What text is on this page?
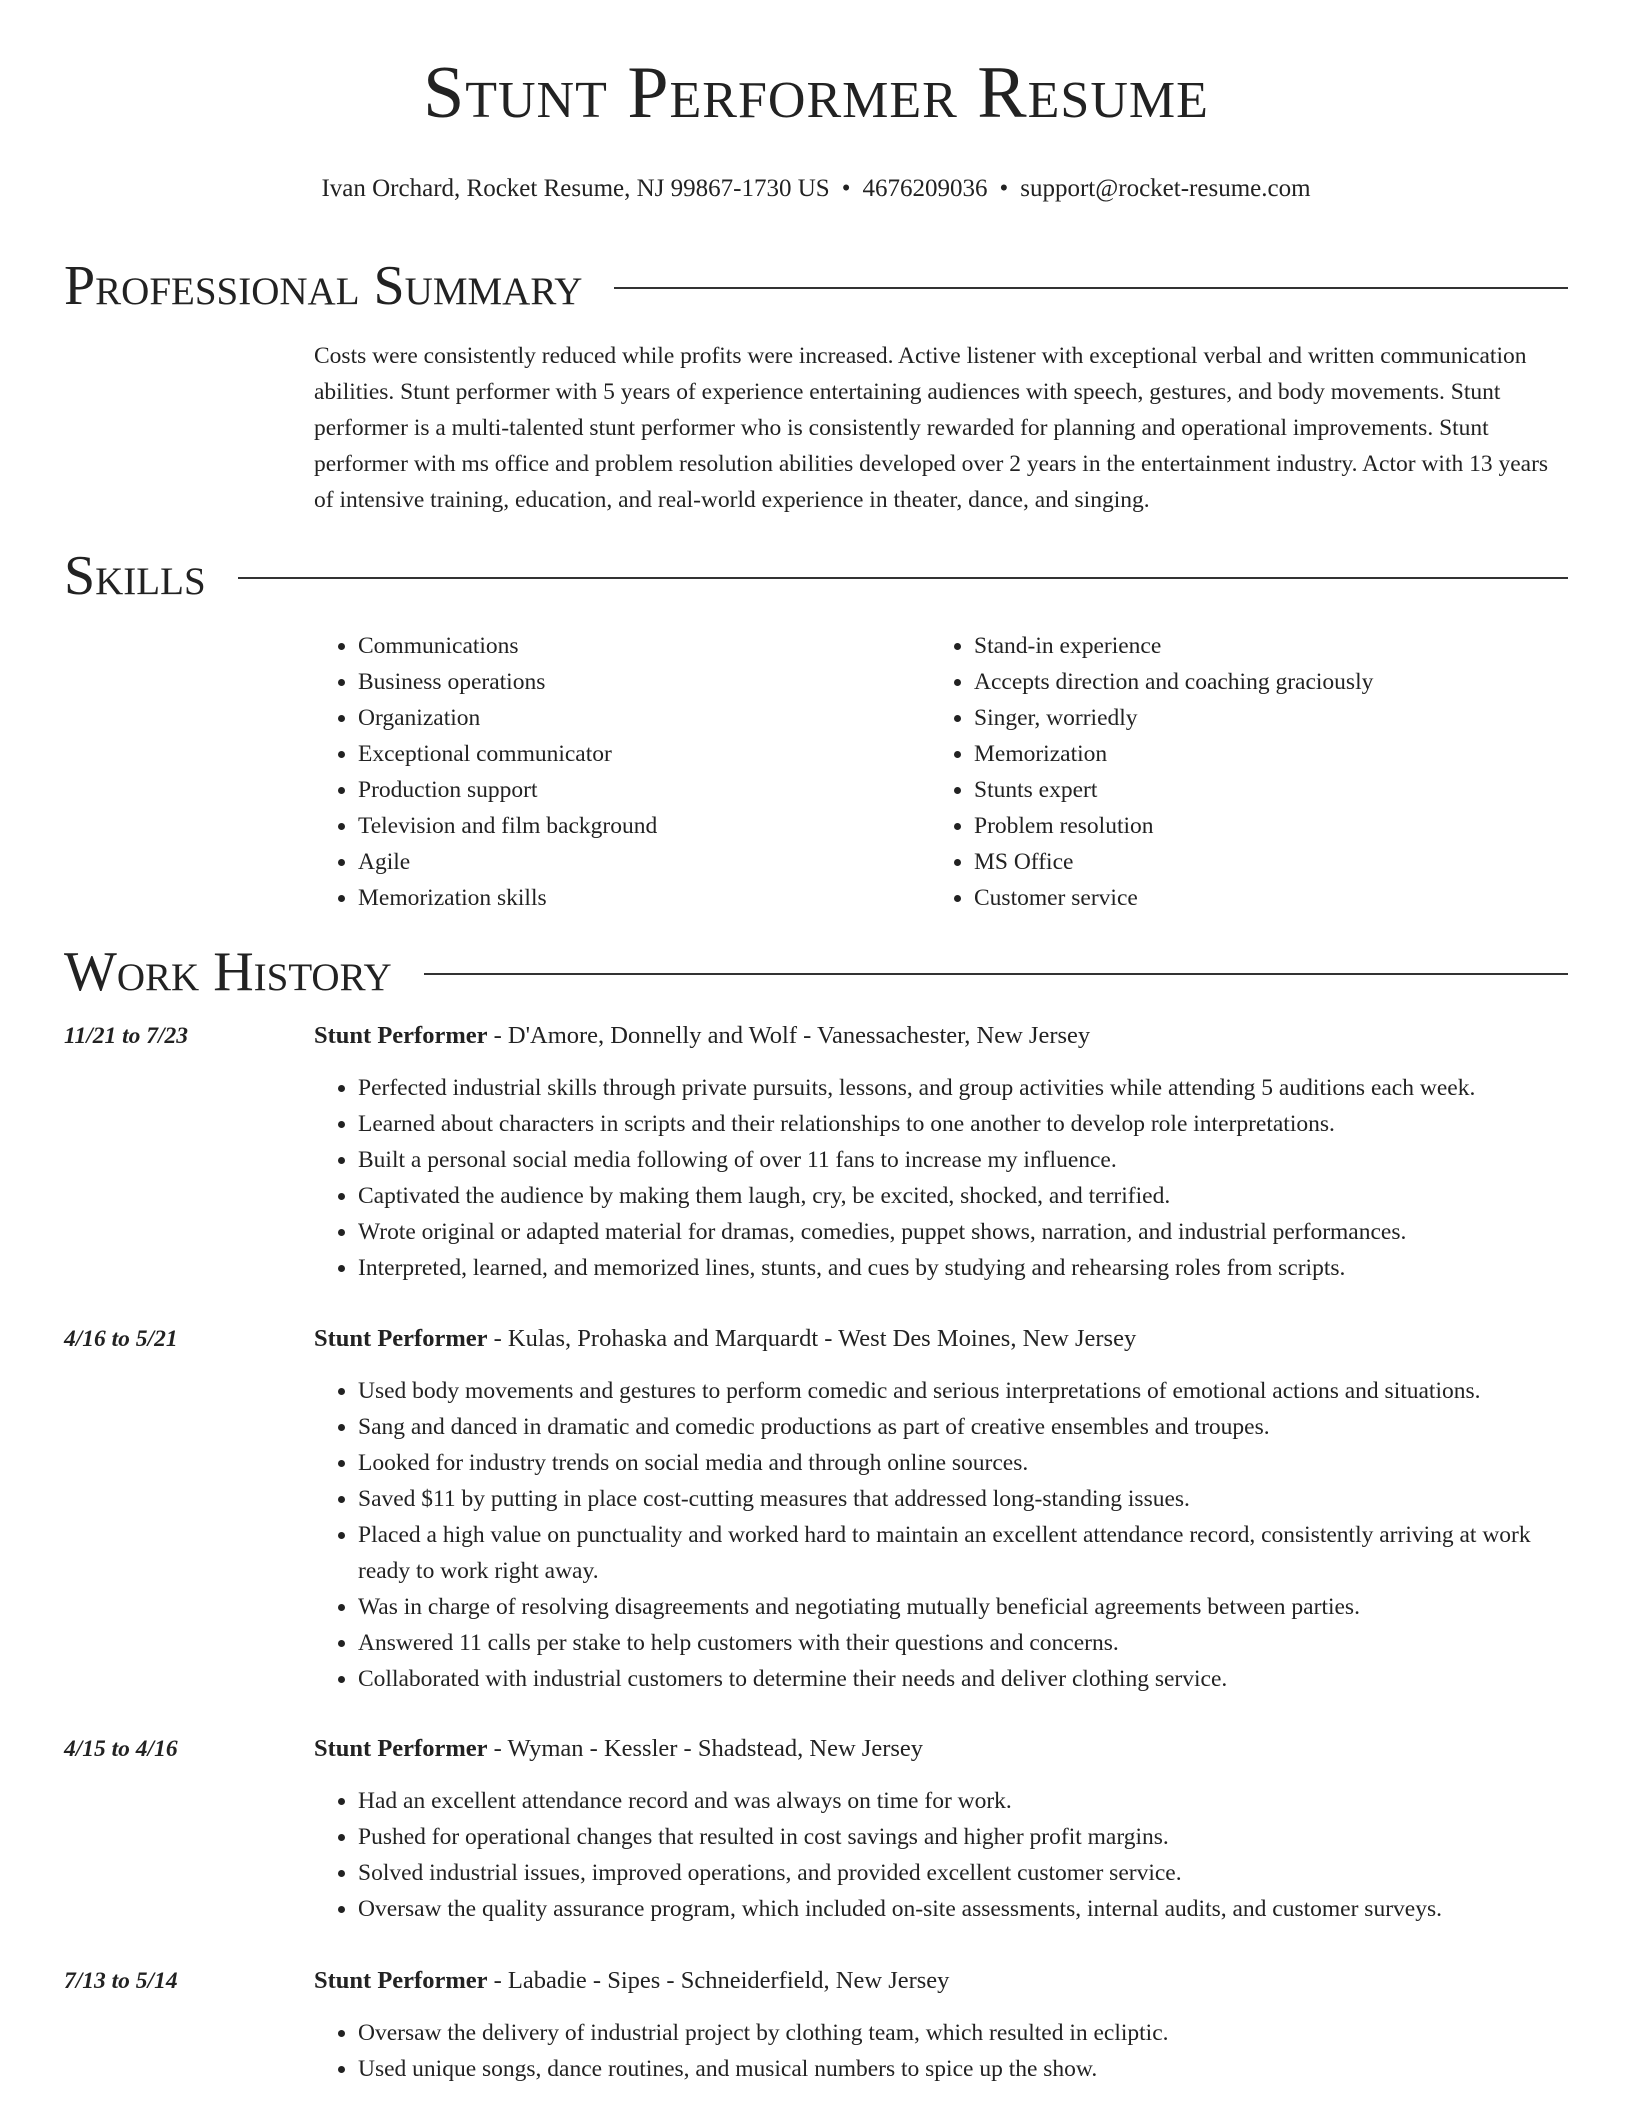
Stunt Performer Resume
Ivan Orchard, Rocket Resume, NJ 99867-1730 US • 4676209036 • support@rocket-resume.com
Professional Summary

Costs were consistently reduced while profits were increased. Active listener with exceptional verbal and written communication abilities. Stunt performer with 5 years of experience entertaining audiences with speech, gestures, and body movements. Stunt performer is a multi-talented stunt performer who is consistently rewarded for planning and operational improvements. Stunt performer with ms office and problem resolution abilities developed over 2 years in the entertainment industry. Actor with 13 years of intensive training, education, and real-world experience in theater, dance, and singing.

Skills
• Communications
• Business operations
• Organization
• Exceptional communicator
• Production support
• Television and film background
• Agile
• Memorization skills
• Stand-in experience
• Accepts direction and coaching graciously
• Singer, worriedly
• Memorization
• Stunts expert
• Problem resolution
• MS Office
• Customer service
Work History
11/21 to 7/23	Stunt Performer - D'Amore, Donnelly and Wolf - Vanessachester, New Jersey
• Perfected industrial skills through private pursuits, lessons, and group activities while attending 5 auditions each week.
• Learned about characters in scripts and their relationships to one another to develop role interpretations.
• Built a personal social media following of over 11 fans to increase my influence.
• Captivated the audience by making them laugh, cry, be excited, shocked, and terrified.
• Wrote original or adapted material for dramas, comedies, puppet shows, narration, and industrial performances.
• Interpreted, learned, and memorized lines, stunts, and cues by studying and rehearsing roles from scripts.
4/16 to 5/21	Stunt Performer - Kulas, Prohaska and Marquardt - West Des Moines, New Jersey
• Used body movements and gestures to perform comedic and serious interpretations of emotional actions and situations.
• Sang and danced in dramatic and comedic productions as part of creative ensembles and troupes.
• Looked for industry trends on social media and through online sources.
• Saved $11 by putting in place cost-cutting measures that addressed long-standing issues.
• Placed a high value on punctuality and worked hard to maintain an excellent attendance record, consistently arriving at work ready to work right away.
• Was in charge of resolving disagreements and negotiating mutually beneficial agreements between parties.
• Answered 11 calls per stake to help customers with their questions and concerns.
• Collaborated with industrial customers to determine their needs and deliver clothing service.
4/15 to 4/16	Stunt Performer - Wyman - Kessler - Shadstead, New Jersey
• Had an excellent attendance record and was always on time for work.
• Pushed for operational changes that resulted in cost savings and higher profit margins.
• Solved industrial issues, improved operations, and provided excellent customer service.
• Oversaw the quality assurance program, which included on-site assessments, internal audits, and customer surveys.
7/13 to 5/14	Stunt Performer - Labadie - Sipes - Schneiderfield, New Jersey
• Oversaw the delivery of industrial project by clothing team, which resulted in ecliptic.
• Used unique songs, dance routines, and musical numbers to spice up the show.
